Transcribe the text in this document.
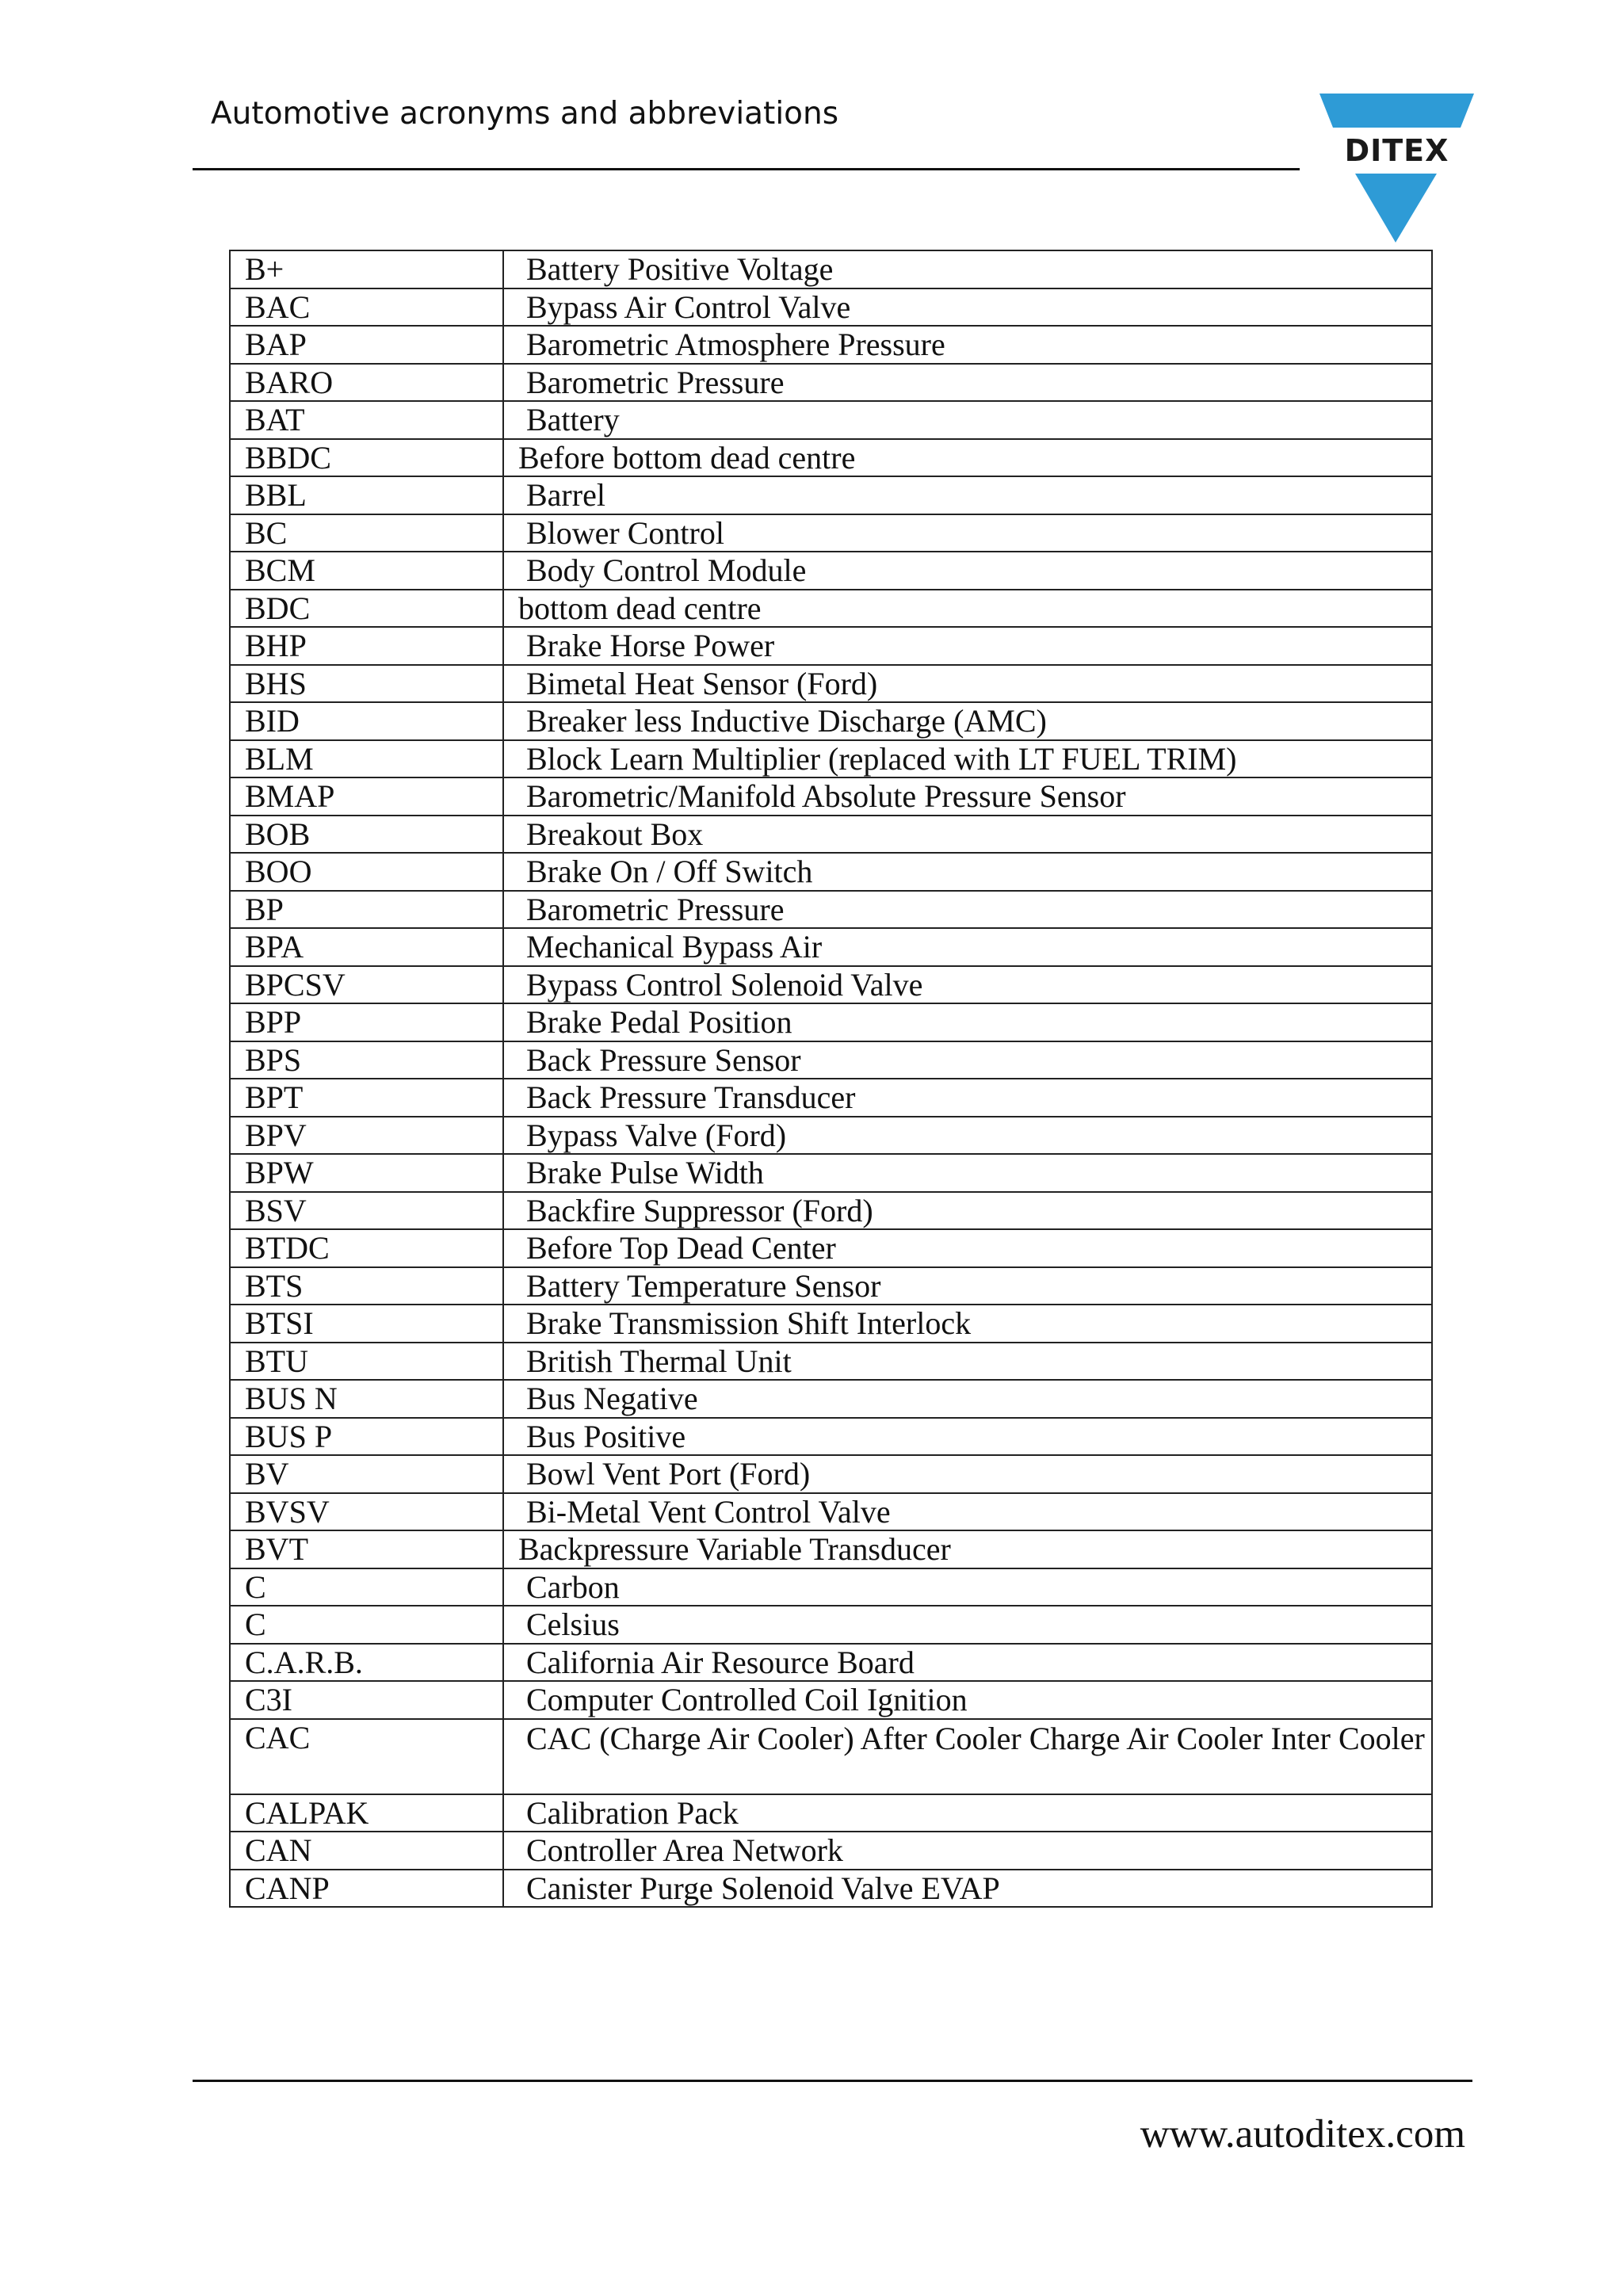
Automotive acronyms and abbreviations
DITEX
B+	Battery Positive Voltage
BAC	Bypass Air Control Valve
BAP	Barometric Atmosphere Pressure
BARO	Barometric Pressure
BAT	Battery
BBDC	Before bottom dead centre
BBL	Barrel
BC	Blower Control
BCM	Body Control Module
BDC	bottom dead centre
BHP	Brake Horse Power
BHS	Bimetal Heat Sensor (Ford)
BID	Breaker less Inductive Discharge (AMC)
BLM	Block Learn Multiplier (replaced with LT FUEL TRIM)
BMAP	Barometric/Manifold Absolute Pressure Sensor
BOB	Breakout Box
BOO	Brake On / Off Switch
BP	Barometric Pressure
BPA	Mechanical Bypass Air
BPCSV	Bypass Control Solenoid Valve
BPP	Brake Pedal Position
BPS	Back Pressure Sensor
BPT	Back Pressure Transducer
BPV	Bypass Valve (Ford)
BPW	Brake Pulse Width
BSV	Backfire Suppressor (Ford)
BTDC	Before Top Dead Center
BTS	Battery Temperature Sensor
BTSI	Brake Transmission Shift Interlock
BTU	British Thermal Unit
BUS N	Bus Negative
BUS P	Bus Positive
BV	Bowl Vent Port (Ford)
BVSV	Bi-Metal Vent Control Valve
BVT	Backpressure Variable Transducer
C	Carbon
C	Celsius
C.A.R.B.	California Air Resource Board
C3I	Computer Controlled Coil Ignition
CAC	CAC (Charge Air Cooler) After Cooler Charge Air Cooler Inter Cooler
CALPAK	Calibration Pack
CAN	Controller Area Network
CANP	Canister Purge Solenoid Valve EVAP
www.autoditex.com
